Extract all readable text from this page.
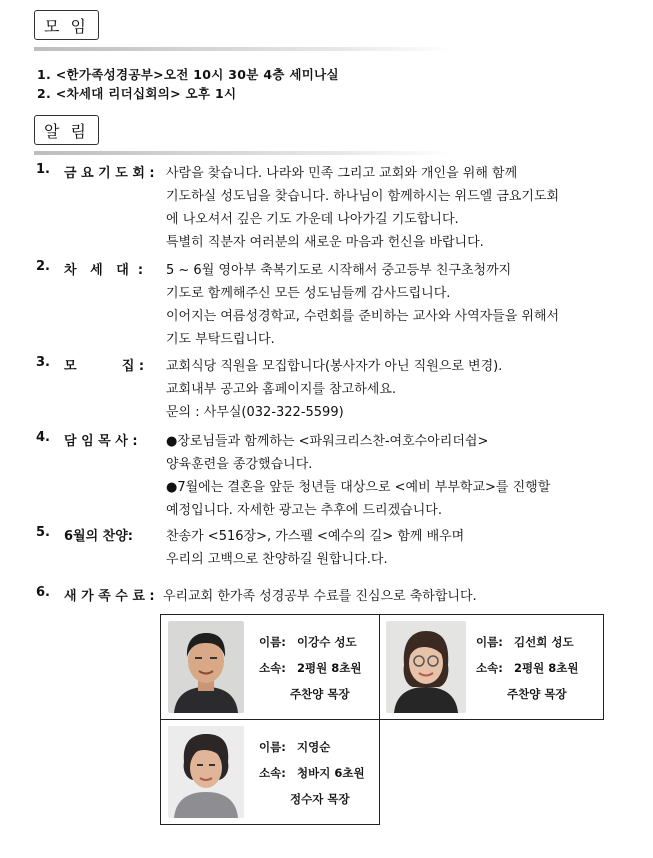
모 임
1. <한가족성경공부>오전 10시 30분 4층 세미나실
2. <차세대 리더십회의> 오후 1시
알 림
1. 금 요 기 도 회 : 사람을 찾습니다. 나라와 민족 그리고 교회와 개인을 위해 함께
기도하실 성도님을 찾습니다. 하나님이 함께하시는 위드엘 금요기도회
에 나오셔서 깊은 기도 가운데 나아가길 기도합니다.
특별히 직분자 여러분의 새로운 마음과 헌신을 바랍니다.
2. 차   세   대  : 5 ~ 6월 영아부 축복기도로 시작해서 중고등부 친구초청까지
기도로 함께해주신 모든 성도님들께 감사드립니다.
이어지는 여름성경학교, 수련회를 준비하는 교사와 사역자들을 위해서
기도 부탁드립니다.
3. 모          집 : 교회식당 직원을 모집합니다(봉사자가 아닌 직원으로 변경).
교회내부 공고와 홈페이지를 참고하세요.
문의 : 사무실(032-322-5599)
4. 담 임 목 사 : ●장로님들과 함께하는 <파워크리스찬-여호수아리더쉽>
양육훈련을 종강했습니다.
●7월에는 결혼을 앞둔 청년들 대상으로 <예비 부부학교>를 진행할
예정입니다. 자세한 광고는 추후에 드리겠습니다.
5. 6월의 찬양:	찬송가 <516장>, 가스펠 <예수의 길> 함께 배우며
우리의 고백으로 찬양하길 원합니다.다.
6. 새 가 족 수 료 : 우리교회 한가족 성경공부 수료를 진심으로 축하합니다.
이름: 이강수 성도
소속: 2평원 8초원
주찬양 목장
이름: 김선희 성도
소속: 2평원 8초원
주찬양 목장
이름: 지영순
소속: 청바지 6초원
정수자 목장
